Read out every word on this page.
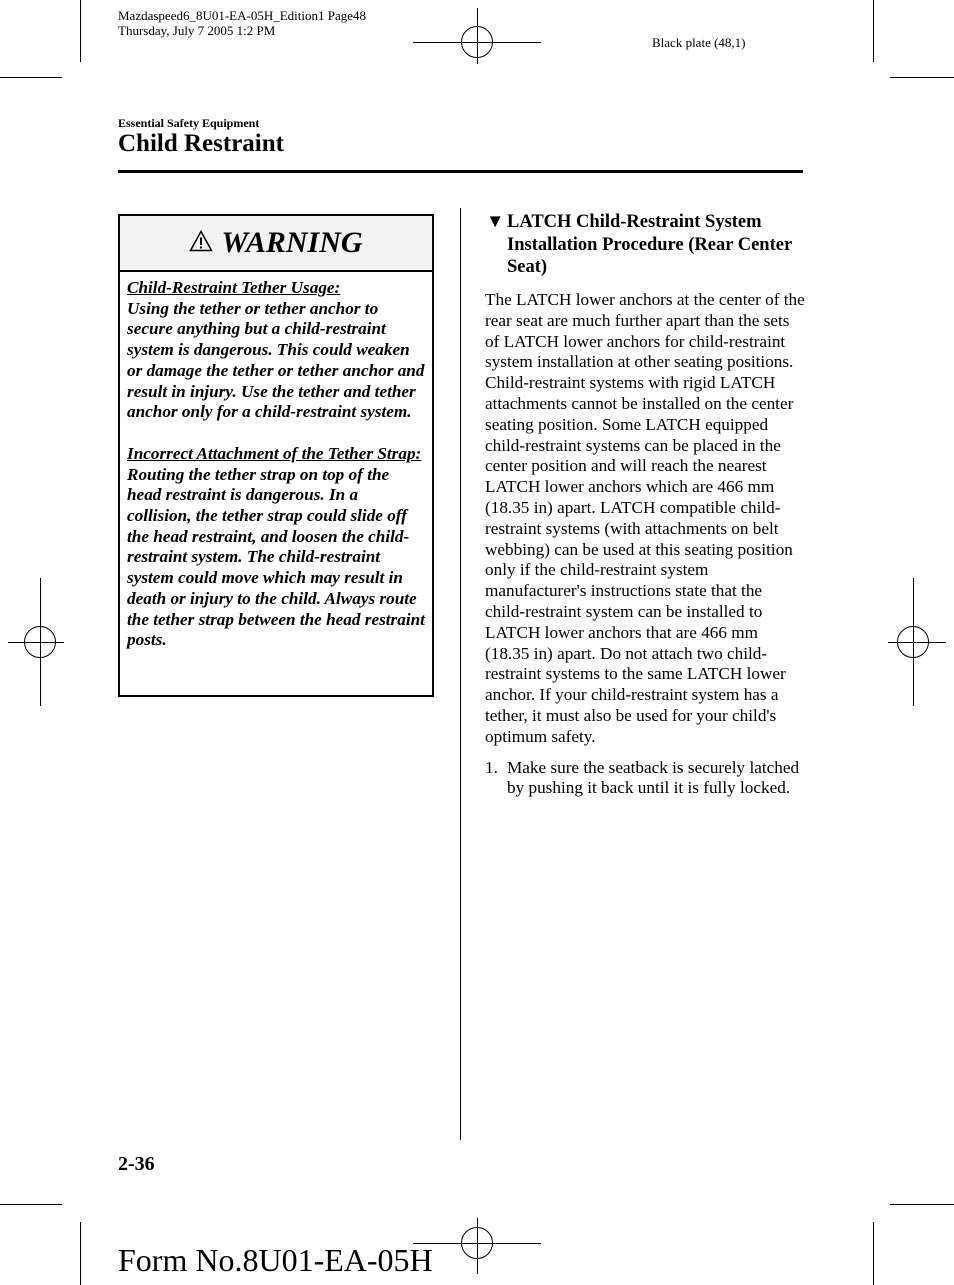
Mazdaspeed6_8U01-EA-05H_Edition1 Page48
Thursday, July 7 2005 1:2 PM
Black plate (48,1)
Essential Safety Equipment
Child Restraint
WARNING

Child-Restraint Tether Usage:

Using the tether or tether anchor to secure anything but a child-restraint system is dangerous. This could weaken or damage the tether or tether anchor and result in injury. Use the tether and tether anchor only for a child-restraint system.

Incorrect Attachment of the Tether Strap:

Routing the tether strap on top of the head restraint is dangerous. In a collision, the tether strap could slide off the head restraint, and loosen the child-restraint system. The child-restraint system could move which may result in death or injury to the child. Always route the tether strap between the head restraint posts.

▼ LATCH Child-Restraint System Installation Procedure (Rear Center Seat)

The LATCH lower anchors at the center of the rear seat are much further apart than the sets of LATCH lower anchors for child-restraint system installation at other seating positions. Child-restraint systems with rigid LATCH attachments cannot be installed on the center seating position. Some LATCH equipped child-restraint systems can be placed in the center position and will reach the nearest LATCH lower anchors which are 466 mm (18.35 in) apart. LATCH compatible child-restraint systems (with attachments on belt webbing) can be used at this seating position only if the child-restraint system manufacturer's instructions state that the child-restraint system can be installed to LATCH lower anchors that are 466 mm (18.35 in) apart. Do not attach two child-restraint systems to the same LATCH lower anchor. If your child-restraint system has a tether, it must also be used for your child's optimum safety.

1. Make sure the seatback is securely latched by pushing it back until it is fully locked.
2-36
Form No.8U01-EA-05H
